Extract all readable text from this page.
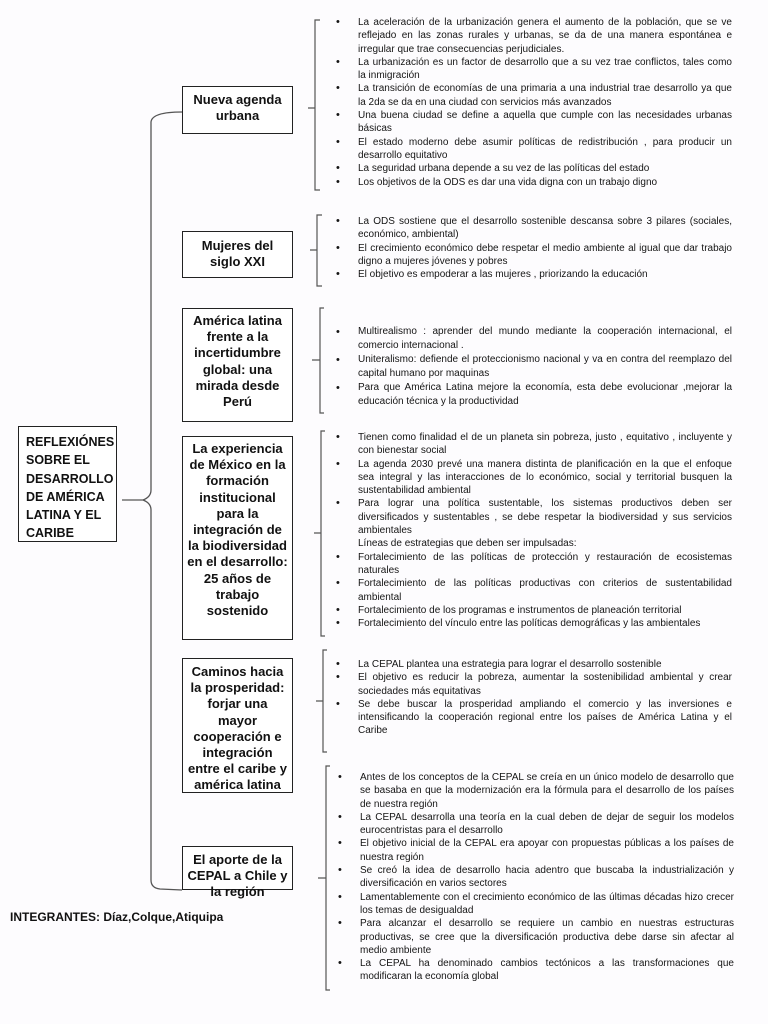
REFLEXIÓNES SOBRE EL DESARROLLO DE AMÉRICA LATINA Y EL CARIBE
Nueva agenda urbana
Mujeres del siglo XXI
América latina frente a la incertidumbre global: una mirada desde Perú
La experiencia de México en la formación institucional para la integración de la biodiversidad en el desarrollo: 25 años de trabajo sostenido
Caminos hacia la prosperidad: forjar una mayor cooperación e integración entre el caribe y américa latina
El aporte de la CEPAL a Chile y la región
• La aceleración de la urbanización genera el aumento de la población, que se ve reflejado en las zonas rurales y urbanas, se da de una manera espontánea e irregular que trae consecuencias perjudiciales.
• La urbanización es un factor de desarrollo que a su vez trae conflictos, tales como la inmigración
• La transición de economías de una primaria a una industrial trae desarrollo ya que la 2da se da en una ciudad con servicios más avanzados
• Una buena ciudad se define a aquella que cumple con las necesidades urbanas básicas
• El estado moderno debe asumir políticas de redistribución , para producir un desarrollo equitativo
• La seguridad urbana depende a su vez de las políticas del estado
• Los objetivos de la ODS es dar una vida digna con un trabajo digno
• La ODS sostiene que el desarrollo sostenible descansa sobre 3 pilares (sociales, económico, ambiental)
• El crecimiento económico debe respetar el medio ambiente al igual que dar trabajo digno a mujeres jóvenes y pobres
• El objetivo es empoderar a las mujeres , priorizando la educación
• Multirealismo : aprender del mundo mediante la cooperación internacional, el comercio internacional .
• Uniteralismo: defiende el proteccionismo nacional y va en contra del reemplazo del capital humano por maquinas
• Para que América Latina mejore la economía, esta debe evolucionar ,mejorar la educación técnica y la productividad
• Tienen como finalidad el de un planeta sin pobreza, justo , equitativo , incluyente y con bienestar social
• La agenda 2030 prevé una manera distinta de planificación en la que el enfoque sea integral y las interacciones de lo económico, social y territorial busquen la sustentabilidad ambiental
• Para lograr una política sustentable, los sistemas productivos deben ser diversificados y sustentables , se debe respetar la biodiversidad y sus servicios ambientales
Líneas de estrategias que deben ser impulsadas:
• Fortalecimiento de las políticas de protección y restauración de ecosistemas naturales
• Fortalecimiento de las políticas productivas con criterios de sustentabilidad ambiental
• Fortalecimiento de los programas e instrumentos de planeación territorial
• Fortalecimiento del vínculo entre las políticas demográficas y las ambientales
• La CEPAL plantea una estrategia para lograr el desarrollo sostenible
• El objetivo es reducir la pobreza, aumentar la sostenibilidad ambiental y crear sociedades más equitativas
• Se debe buscar la prosperidad ampliando el comercio y las inversiones e intensificando la cooperación regional entre los países de América Latina y el Caribe
• Antes de los conceptos de la CEPAL se creía en un único modelo de desarrollo que se basaba en que la modernización era la fórmula para el desarrollo de los países de nuestra región
• La CEPAL desarrolla una teoría en la cual deben de dejar de seguir los modelos eurocentristas para el desarrollo
• El objetivo inicial de la CEPAL era apoyar con propuestas públicas a los países de nuestra región
• Se creó la idea de desarrollo hacia adentro que buscaba la industrialización y diversificación en varios sectores
• Lamentablemente con el crecimiento económico de las últimas décadas hizo crecer los temas de desigualdad
• Para alcanzar el desarrollo se requiere un cambio en nuestras estructuras productivas, se cree que la diversificación productiva debe darse sin afectar al medio ambiente
• La CEPAL ha denominado cambios tectónicos a las transformaciones que modificaran la economía global
INTEGRANTES: Díaz,Colque,Atiquipa
